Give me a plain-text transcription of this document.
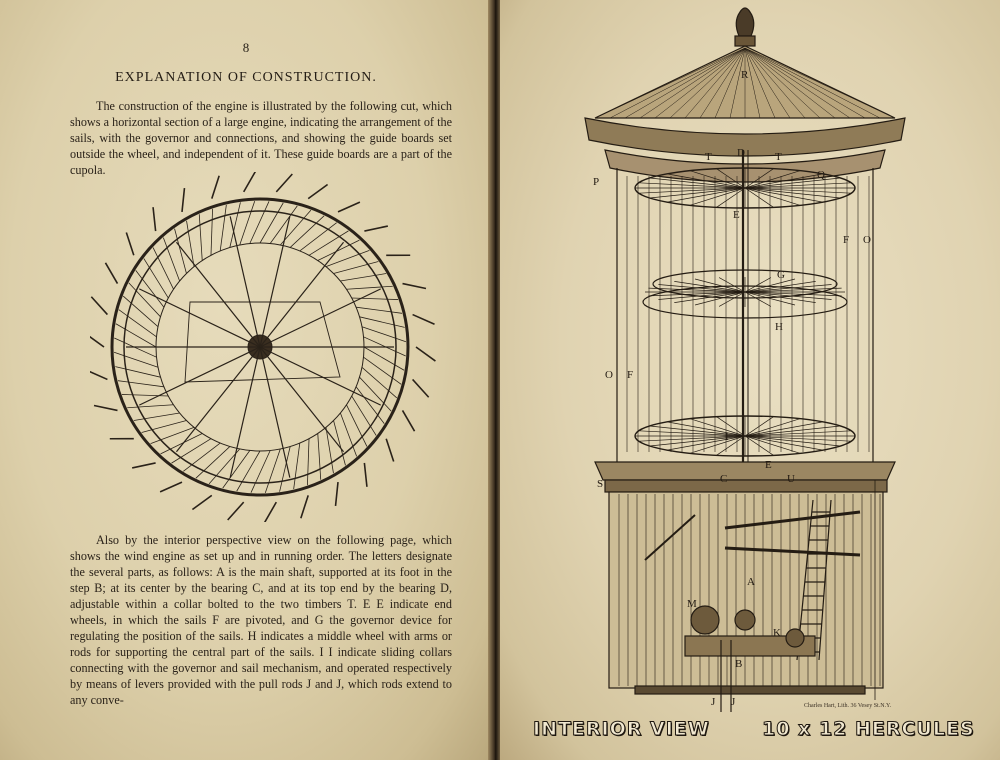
8
EXPLANATION OF CONSTRUCTION.

The construction of the engine is illustrated by the following cut, which shows a horizontal section of a large engine, indicating the arrangement of the sails, with the governor and connections, and showing the guide boards set outside the wheel, and independent of it. These guide boards are a part of the cupola.

Also by the interior perspective view on the following page, which shows the wind engine as set up and in running order. The letters designate the several parts, as follows: A is the main shaft, supported at its foot in the step B; at its center by the bearing C, and at its top end by the bearing D, adjustable within a collar bolted to the two timbers T. E E indicate end wheels, in which the sails F are pivoted, and G the governor device for regulating the position of the sails. H indicates a middle wheel with arms or rods for supporting the central part of the sails. I I indicate sliding collars connecting with the governor and sail mechanism, and operated respectively by means of levers provided with the pull rods J and J, which rods extend to any conve-

R
P
T D	T
Q
E
F O
G
H
O F
I
E
S	C	U
A
M
K
B
J J	Charles Hart, Lith. 36 Vesey St.N.Y.
INTERIOR VIEW	10 x 12 HERCULES
